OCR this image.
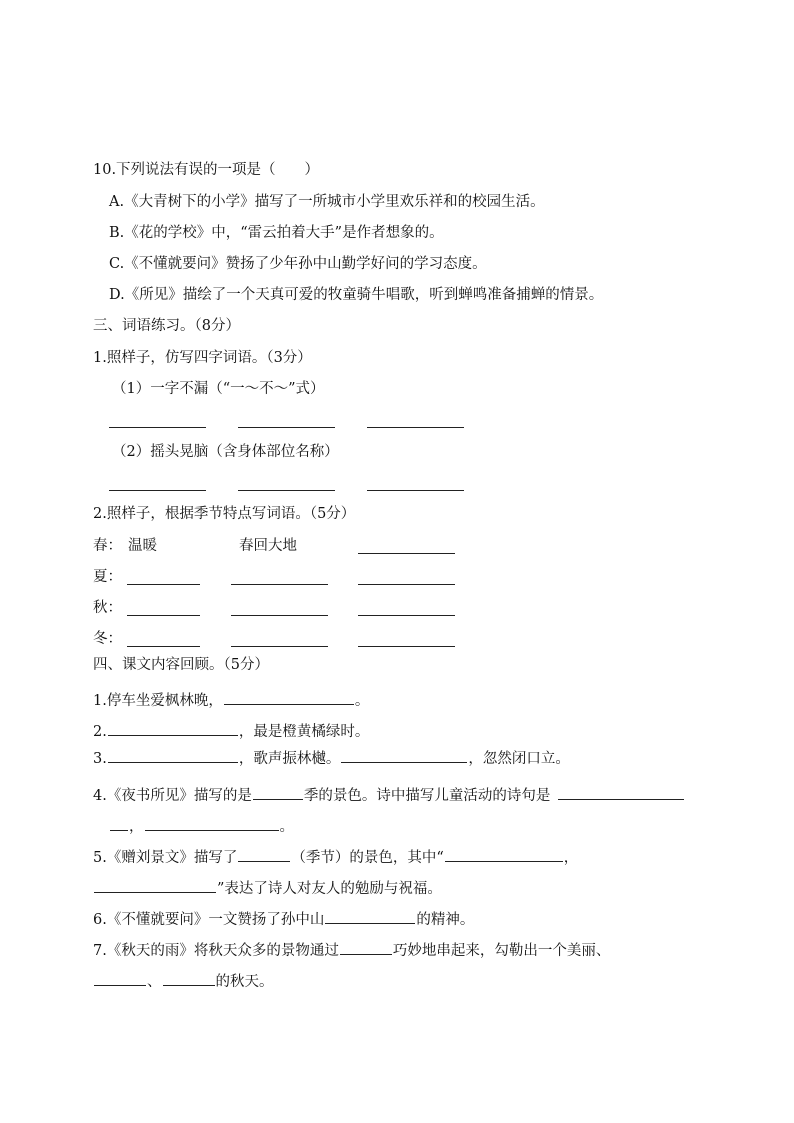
10.下列说法有误的一项是（　　）
A.《大青树下的小学》描写了一所城市小学里欢乐祥和的校园生活。
B.《花的学校》中，“雷云拍着大手”是作者想象的。
C.《不懂就要问》赞扬了少年孙中山勤学好问的学习态度。
D.《所见》描绘了一个天真可爱的牧童骑牛唱歌，听到蝉鸣准备捕蝉的情景。
三、词语练习。（8分）
1.照样子，仿写四字词语。（3分）
（1）一字不漏（“一～不～”式）
（2）摇头晃脑（含身体部位名称）
2.照样子，根据季节特点写词语。（5分）
春： 温暖	春回大地
夏：
秋：
冬：
四、课文内容回顾。（5分）
1.停车坐爱枫林晚，	。
2.	，最是橙黄橘绿时。
3.	，歌声振林樾。	，忽然闭口立。
4.《夜书所见》描写的是	季的景色。诗中描写儿童活动的诗句是
，	。
5.《赠刘景文》描写了	（季节）的景色，其中“	，
”表达了诗人对友人的勉励与祝福。
6.《不懂就要问》一文赞扬了孙中山	的精神。
7.《秋天的雨》将秋天众多的景物通过	巧妙地串起来，勾勒出一个美丽、
、	的秋天。
